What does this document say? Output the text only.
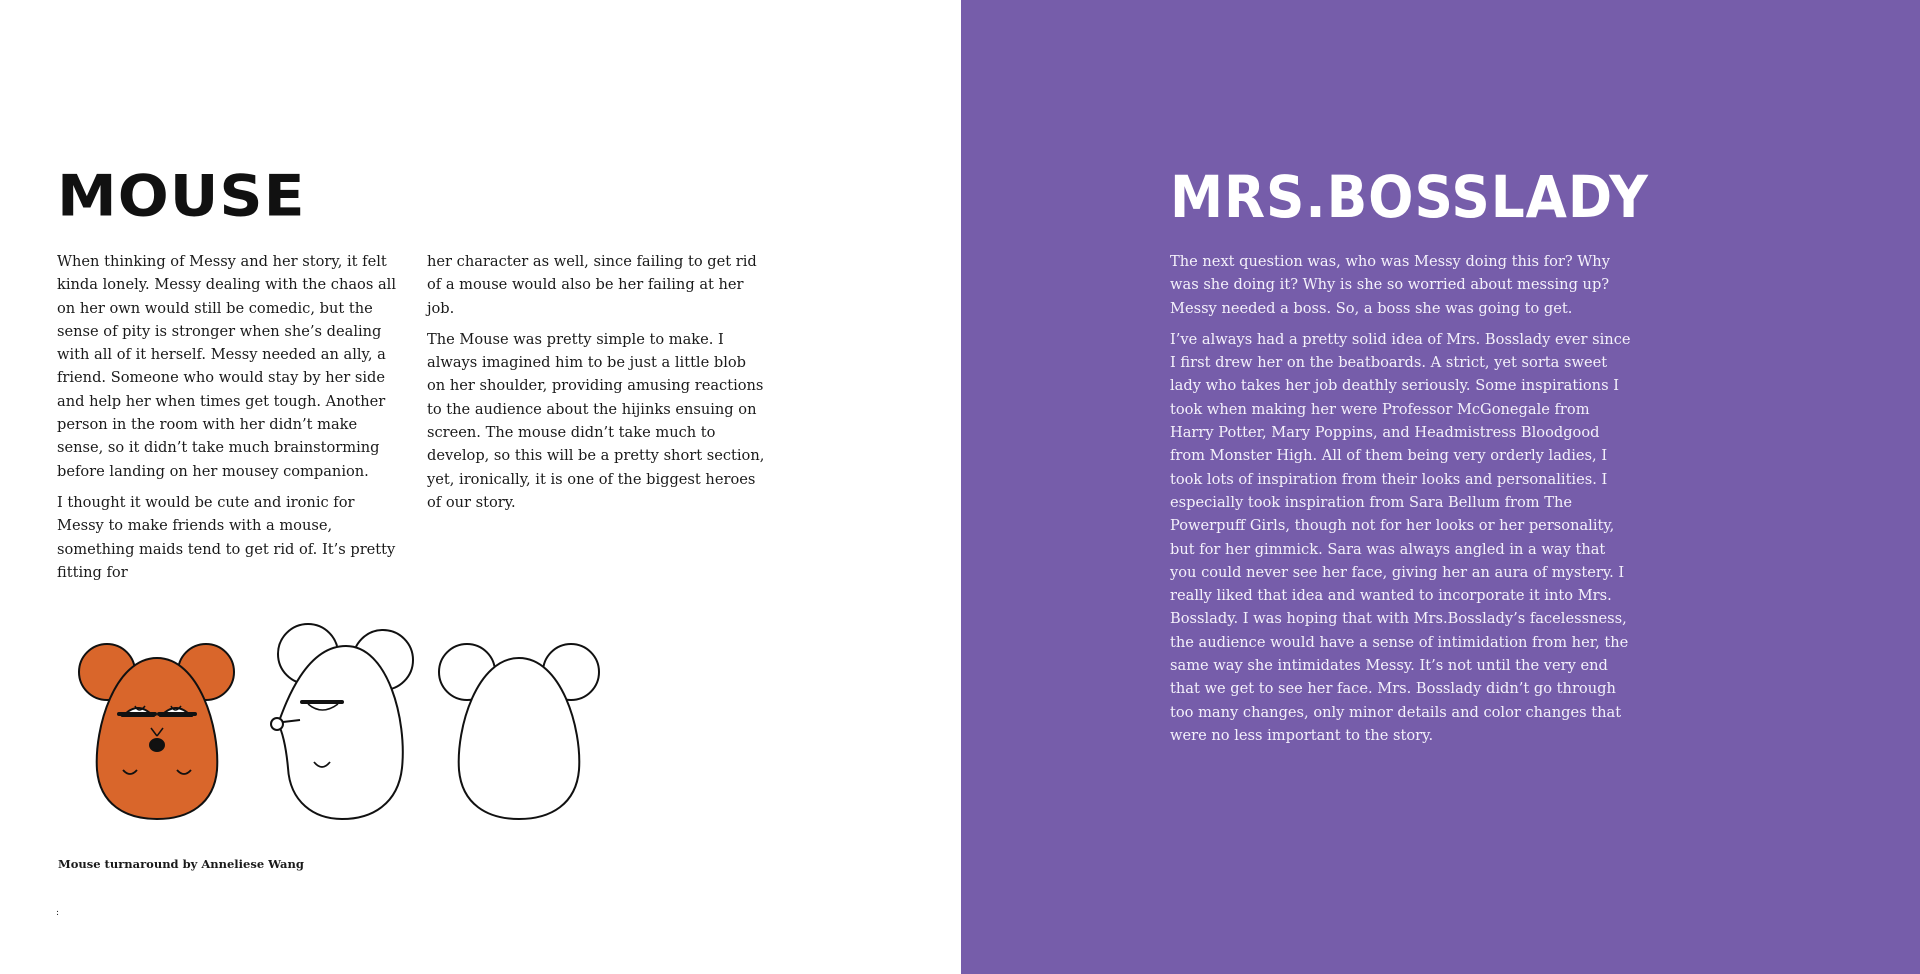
MOUSE

When thinking of Messy and her story, it felt kinda lonely. Messy dealing with the chaos all on her own would still be comedic, but the sense of pity is stronger when she’s dealing with all of it herself. Messy needed an ally, a friend. Someone who would stay by her side and help her when times get tough. Another person in the room with her didn’t make sense, so it didn’t take much brainstorming before landing on her mousey companion.

I thought it would be cute and ironic for Messy to make friends with a mouse, something maids tend to get rid of. It’s pretty fitting for

her character as well, since failing to get rid of a mouse would also be her failing at her job.

The Mouse was pretty simple to make. I always imagined him to be just a little blob on her shoulder, providing amusing reactions to the audience about the hijinks ensuing on screen. The mouse didn’t take much to develop, so this will be a pretty short section, yet, ironically, it is one of the biggest heroes of our story.

Mouse turnaround by Anneliese Wang
:
MRS.BOSSLADY

The next question was, who was Messy doing this for? Why was she doing it? Why is she so worried about messing up? Messy needed a boss. So, a boss she was going to get.

I’ve always had a pretty solid idea of Mrs. Bosslady ever since I first drew her on the beatboards. A strict, yet sorta sweet lady who takes her job deathly seriously. Some inspirations I took when making her were Professor McGonegale from Harry Potter, Mary Poppins, and Headmistress Bloodgood from Monster High. All of them being very orderly ladies, I took lots of inspiration from their looks and personalities. I especially took inspiration from Sara Bellum from The Powerpuff Girls, though not for her looks or her personality, but for her gimmick. Sara was always angled in a way that you could never see her face, giving her an aura of mystery. I really liked that idea and wanted to incorporate it into Mrs. Bosslady. I was hoping that with Mrs.Bosslady’s facelessness, the audience would have a sense of intimidation from her, the same way she intimidates Messy. It’s not until the very end that we get to see her face. Mrs. Bosslady didn’t go through too many changes, only minor details and color changes that were no less important to the story.
